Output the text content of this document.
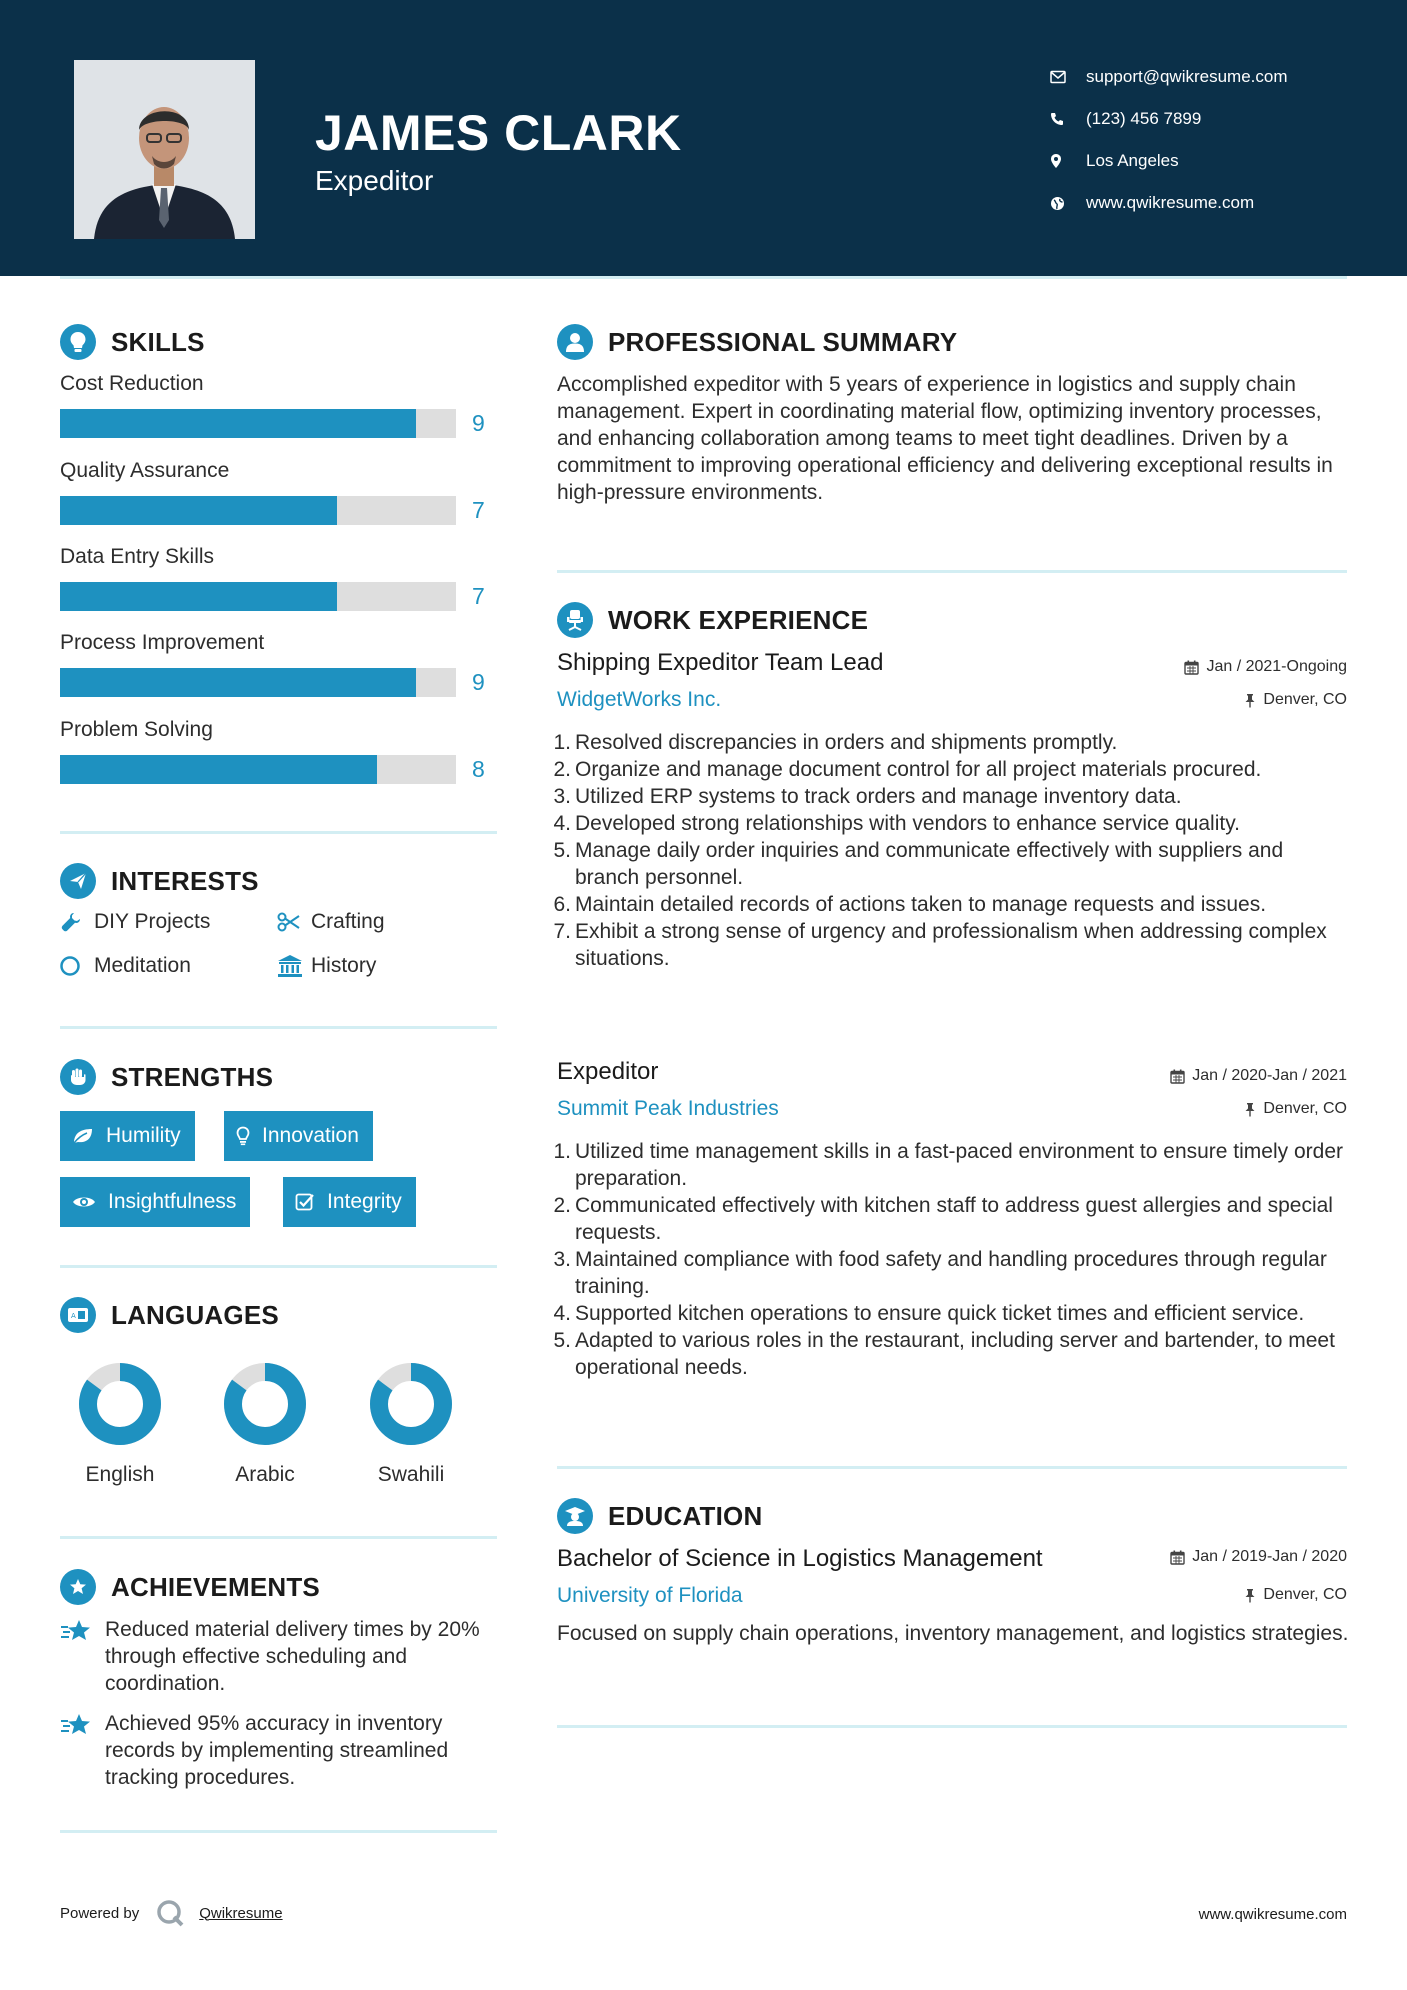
JAMES CLARK
Expeditor
support@qwikresume.com
(123) 456 7899
Los Angeles
www.qwikresume.com
SKILLS
Cost Reduction
9
Quality Assurance
7
Data Entry Skills
7
Process Improvement
9
Problem Solving
8
INTERESTS
DIY Projects	Crafting
Meditation	History
STRENGTHS
Humility	Innovation
Insightfulness	Integrity
A LANGUAGES
English	Arabic	Swahili
ACHIEVEMENTS
Reduced material delivery times by 20% through effective scheduling and coordination.
Achieved 95% accuracy in inventory records by implementing streamlined tracking procedures.
PROFESSIONAL SUMMARY
Accomplished expeditor with 5 years of experience in logistics and supply chain management. Expert in coordinating material flow, optimizing inventory processes, and enhancing collaboration among teams to meet tight deadlines. Driven by a commitment to improving operational efficiency and delivering exceptional results in high-pressure environments.
WORK EXPERIENCE
Shipping Expeditor Team Lead	Jan / 2021-Ongoing
WidgetWorks Inc.	Denver, CO
1. Resolved discrepancies in orders and shipments promptly.
2. Organize and manage document control for all project materials procured.
3. Utilized ERP systems to track orders and manage inventory data.
4. Developed strong relationships with vendors to enhance service quality.
5. Manage daily order inquiries and communicate effectively with suppliers and branch personnel.
6. Maintain detailed records of actions taken to manage requests and issues.
7. Exhibit a strong sense of urgency and professionalism when addressing complex situations.
Expeditor	Jan / 2020-Jan / 2021
Summit Peak Industries	Denver, CO
1. Utilized time management skills in a fast-paced environment to ensure timely order preparation.
2. Communicated effectively with kitchen staff to address guest allergies and special requests.
3. Maintained compliance with food safety and handling procedures through regular training.
4. Supported kitchen operations to ensure quick ticket times and efficient service.
5. Adapted to various roles in the restaurant, including server and bartender, to meet operational needs.
EDUCATION
Bachelor of Science in Logistics Management	Jan / 2019-Jan / 2020
University of Florida	Denver, CO
Focused on supply chain operations, inventory management, and logistics strategies.
Powered by	Qwikresume	www.qwikresume.com
